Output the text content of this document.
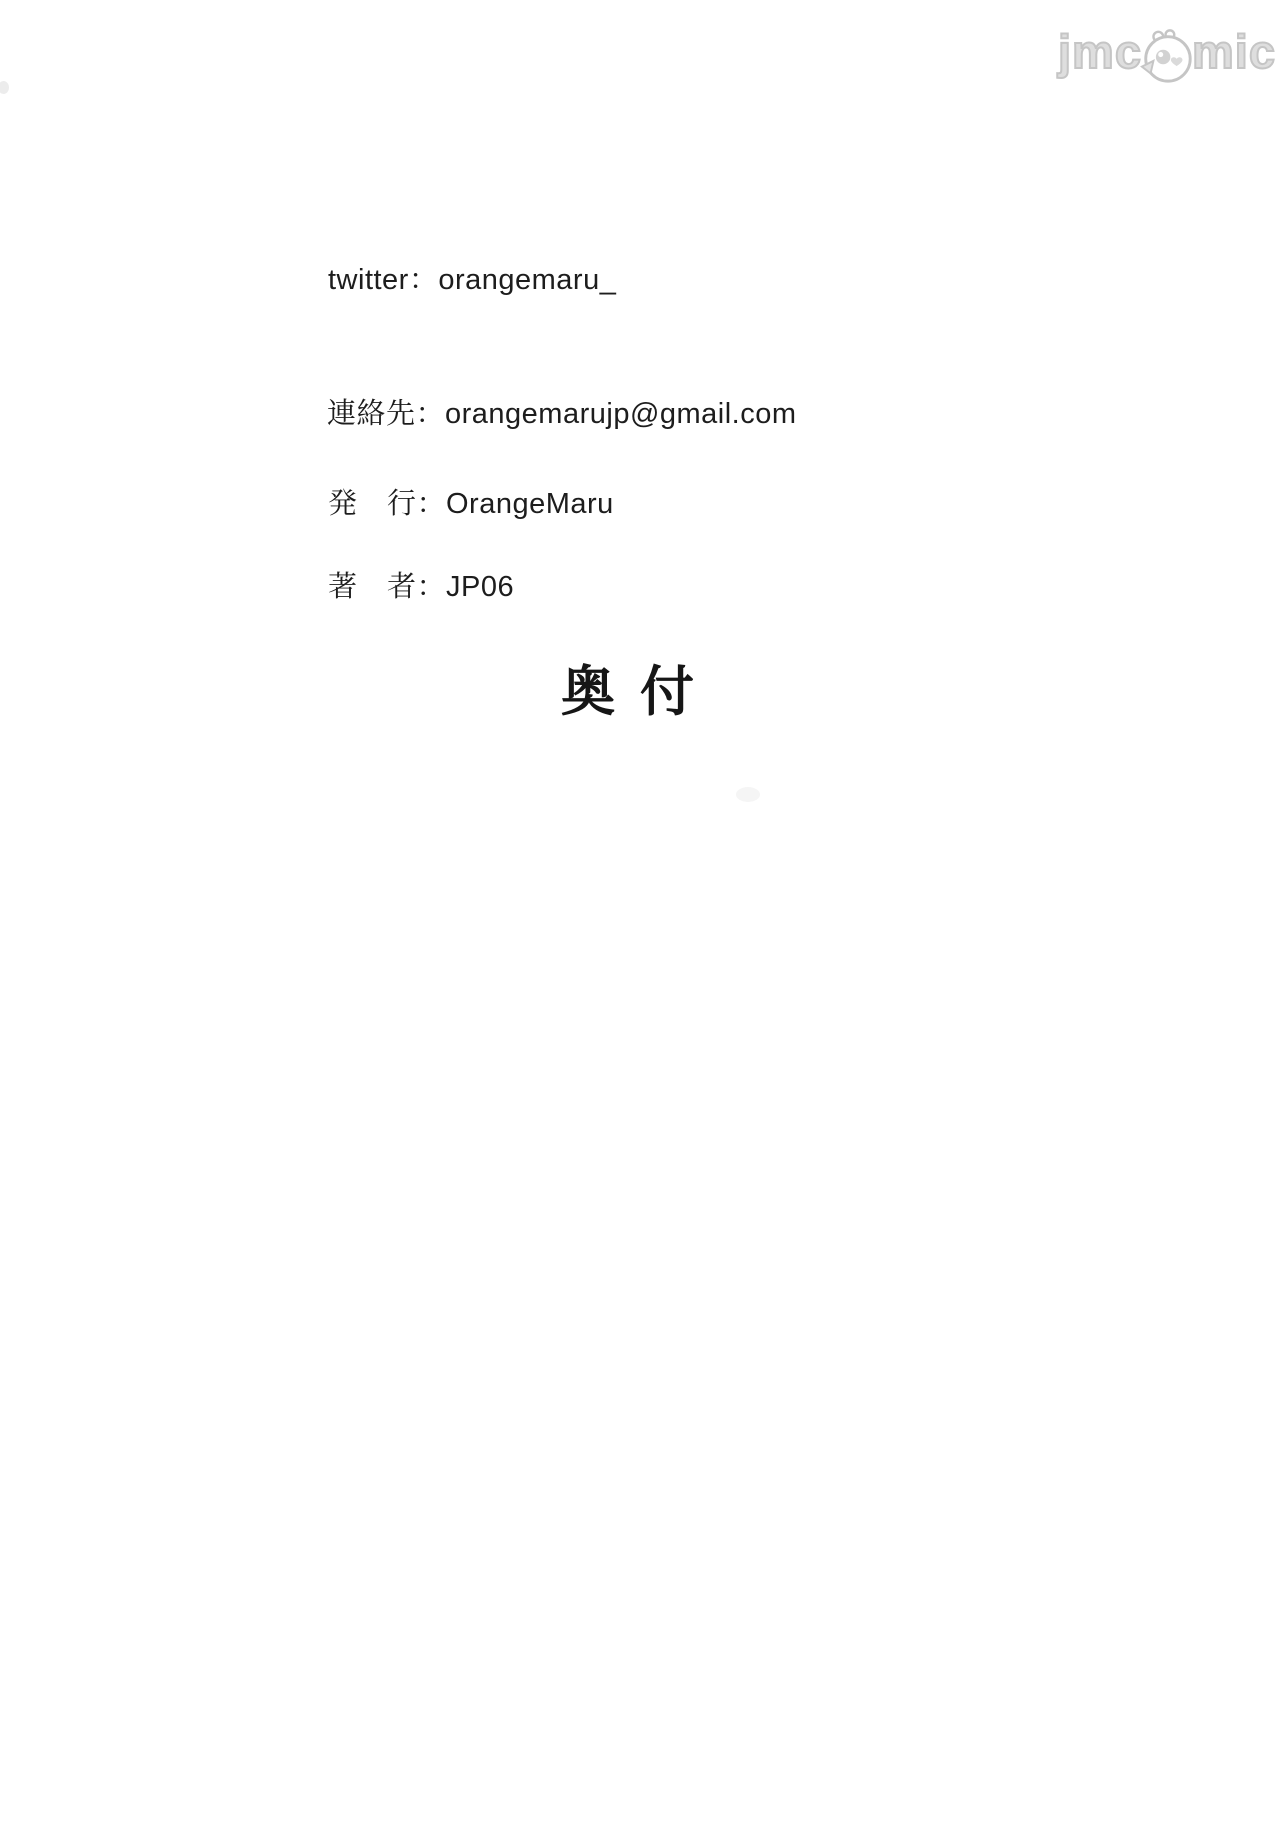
jmc mic
twitter：orangemaru_

連絡先：orangemarujp@gmail.com

発　行：OrangeMaru

著　者：JP06

奥 付
